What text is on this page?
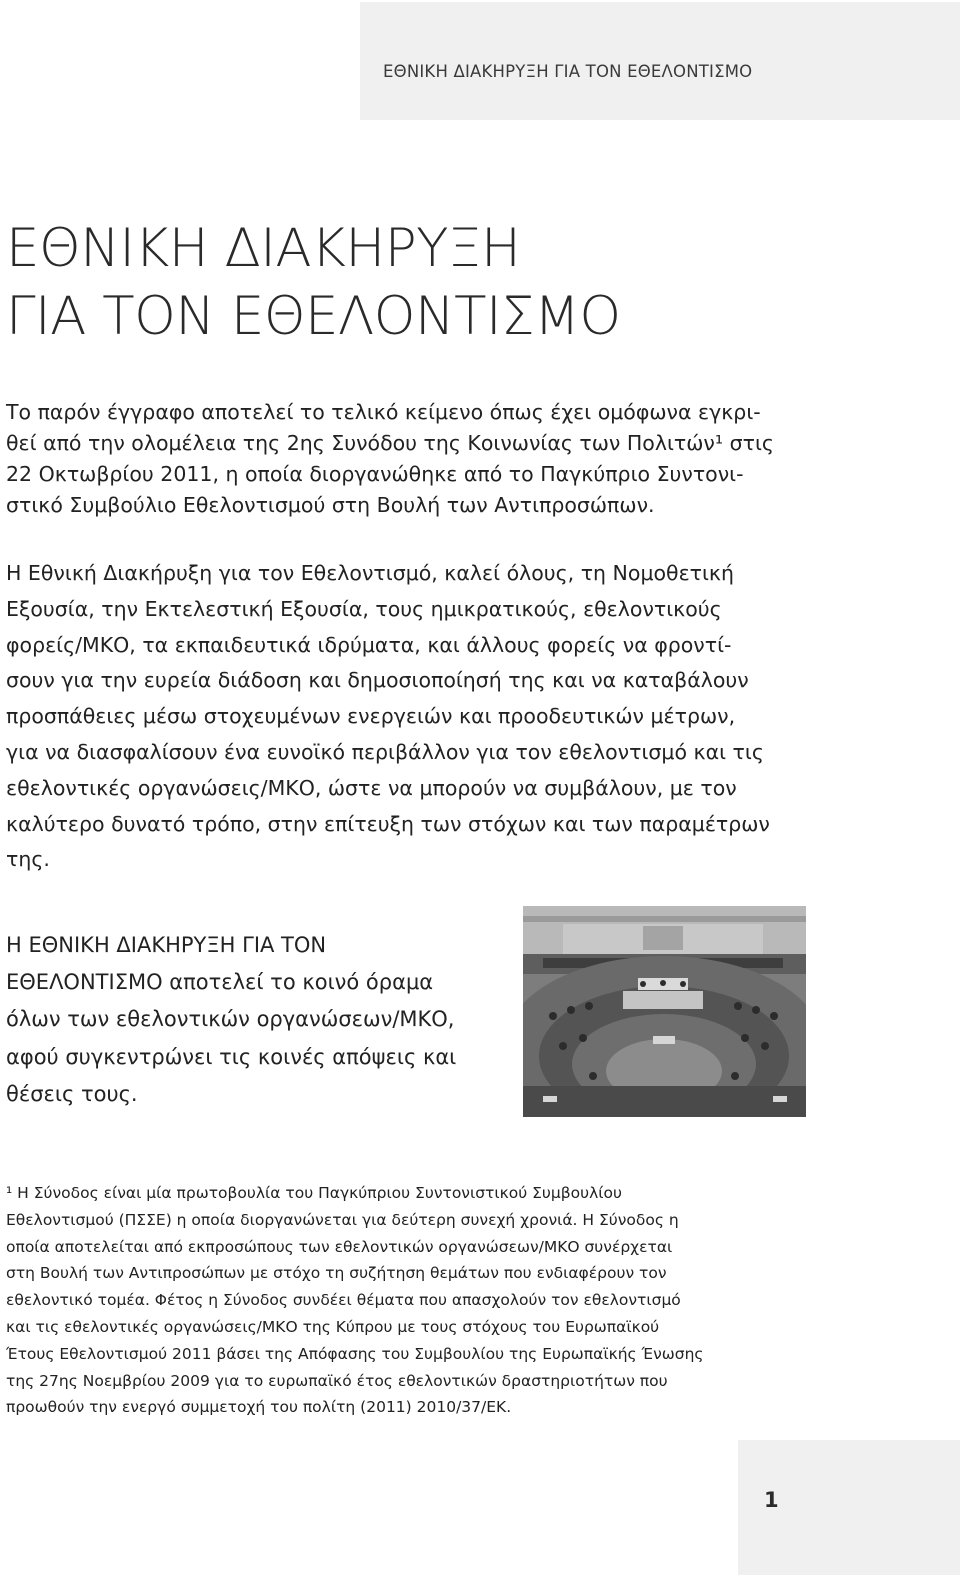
ΕΘΝΙΚΗ ΔΙΑΚΗΡΥΞΗ ΓΙΑ ΤΟΝ ΕΘΕΛΟΝΤΙΣΜΟ

ΕΘΝΙΚΗ ΔΙΑΚΗΡΥΞΗ
ΓΙΑ ΤΟΝ ΕΘΕΛΟΝΤΙΣΜΟ

Το παρόν έγγραφο αποτελεί το τελικό κείμενο όπως έχει ομόφωνα εγκρι-
θεί από την ολομέλεια της 2ης Συνόδου της Κοινωνίας των Πολιτών¹ στις
22 Οκτωβρίου 2011, η οποία διοργανώθηκε από το Παγκύπριο Συντονι-
στικό Συμβούλιο Εθελοντισμού στη Βουλή των Αντιπροσώπων.

Η Εθνική Διακήρυξη για τον Εθελοντισμό, καλεί όλους, τη Νομοθετική
Εξουσία, την Εκτελεστική Εξουσία, τους ημικρατικούς, εθελοντικούς
φορείς/ΜΚΟ, τα εκπαιδευτικά ιδρύματα, και άλλους φορείς να φροντί-
σουν για την ευρεία διάδοση και δημοσιοποίησή της και να καταβάλουν
προσπάθειες μέσω στοχευμένων ενεργειών και προοδευτικών μέτρων,
για να διασφαλίσουν ένα ευνοϊκό περιβάλλον για τον εθελοντισμό και τις
εθελοντικές οργανώσεις/ΜΚΟ, ώστε να μπορούν να συμβάλουν, με τον
καλύτερο δυνατό τρόπο, στην επίτευξη των στόχων και των παραμέτρων
της.

Η ΕΘΝΙΚΗ ΔΙΑΚΗΡΥΞΗ ΓΙΑ ΤΟΝ
ΕΘΕΛΟΝΤΙΣΜΟ αποτελεί το κοινό όραμα
όλων των εθελοντικών οργανώσεων/ΜΚΟ,
αφού συγκεντρώνει τις κοινές απόψεις και
θέσεις τους.

¹ Η Σύνοδος είναι μία πρωτοβουλία του Παγκύπριου Συντονιστικού Συμβουλίου
Εθελοντισμού (ΠΣΣΕ) η οποία διοργανώνεται για δεύτερη συνεχή χρονιά. Η Σύνοδος η
οποία αποτελείται από εκπροσώπους των εθελοντικών οργανώσεων/ΜΚΟ συνέρχεται
στη Βουλή των Αντιπροσώπων με στόχο τη συζήτηση θεμάτων που ενδιαφέρουν τον
εθελοντικό τομέα. Φέτος η Σύνοδος συνδέει θέματα που απασχολούν τον εθελοντισμό
και τις εθελοντικές οργανώσεις/ΜΚΟ της Κύπρου με τους στόχους του Ευρωπαϊκού
Έτους Εθελοντισμού 2011 βάσει της Απόφασης του Συμβουλίου της Ευρωπαϊκής Ένωσης
της 27ης Νοεμβρίου 2009 για το ευρωπαϊκό έτος εθελοντικών δραστηριοτήτων που
προωθούν την ενεργό συμμετοχή του πολίτη (2011) 2010/37/ΕΚ.

1
